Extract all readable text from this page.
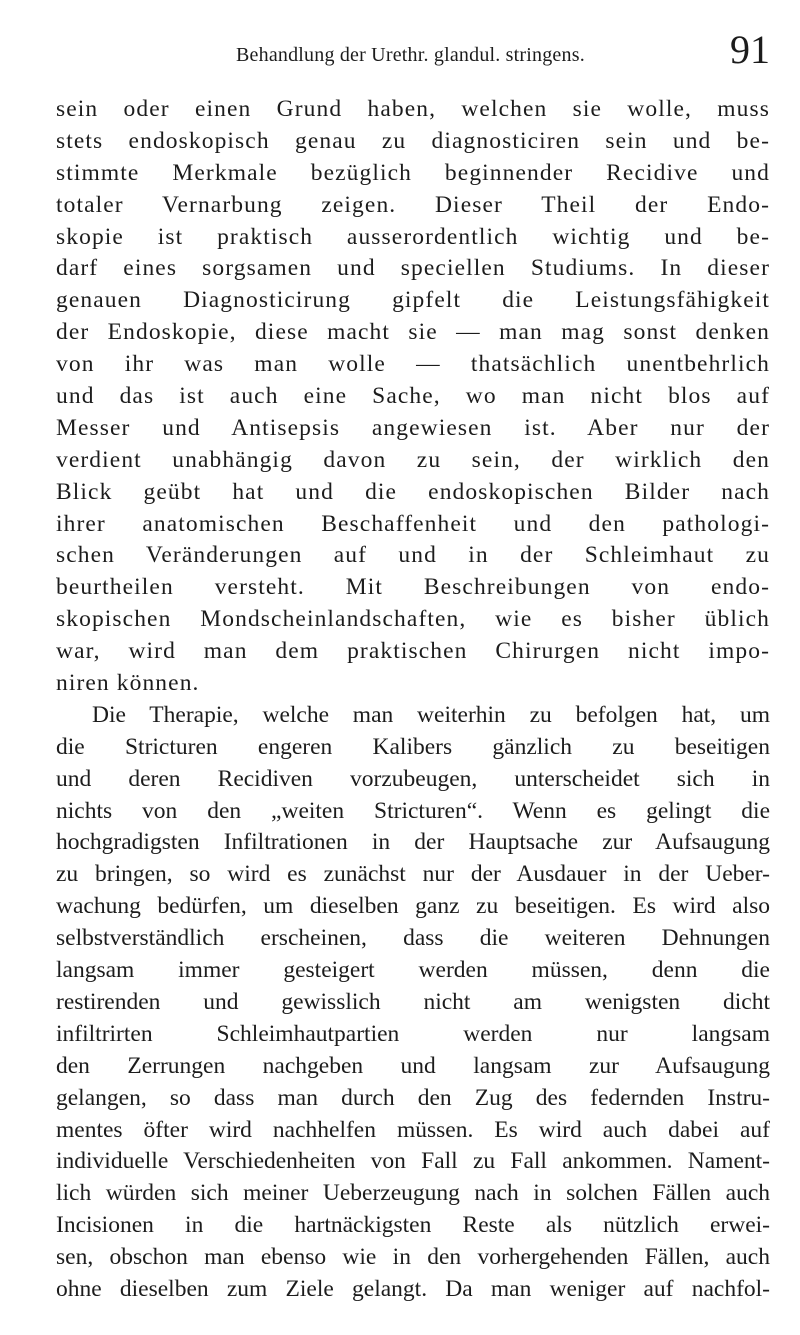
Behandlung der Urethr. glandul. stringens.	91
sein oder einen Grund haben, welchen sie wolle, muss
stets endoskopisch genau zu diagnosticiren sein und be-
stimmte Merkmale bezüglich beginnender Recidive und
totaler Vernarbung zeigen. Dieser Theil der Endo-
skopie ist praktisch ausserordentlich wichtig und be-
darf eines sorgsamen und speciellen Studiums. In dieser
genauen Diagnosticirung gipfelt die Leistungsfähigkeit
der Endoskopie, diese macht sie — man mag sonst denken
von ihr was man wolle — thatsächlich unentbehrlich
und das ist auch eine Sache, wo man nicht blos auf
Messer und Antisepsis angewiesen ist. Aber nur der
verdient unabhängig davon zu sein, der wirklich den
Blick geübt hat und die endoskopischen Bilder nach
ihrer anatomischen Beschaffenheit und den pathologi-
schen Veränderungen auf und in der Schleimhaut zu
beurtheilen versteht. Mit Beschreibungen von endo-
skopischen Mondscheinlandschaften, wie es bisher üblich
war, wird man dem praktischen Chirurgen nicht impo-
niren können.
Die Therapie, welche man weiterhin zu befolgen hat, um
die Stricturen engeren Kalibers gänzlich zu beseitigen
und deren Recidiven vorzubeugen, unterscheidet sich in
nichts von den „weiten Stricturen“. Wenn es gelingt die
hochgradigsten Infiltrationen in der Hauptsache zur Aufsaugung
zu bringen, so wird es zunächst nur der Ausdauer in der Ueber-
wachung bedürfen, um dieselben ganz zu beseitigen. Es wird also
selbstverständlich erscheinen, dass die weiteren Dehnungen
langsam immer gesteigert werden müssen, denn die
restirenden und gewisslich nicht am wenigsten dicht
infiltrirten Schleimhautpartien werden nur langsam
den Zerrungen nachgeben und langsam zur Aufsaugung
gelangen, so dass man durch den Zug des federnden Instru-
mentes öfter wird nachhelfen müssen. Es wird auch dabei auf
individuelle Verschiedenheiten von Fall zu Fall ankommen. Nament-
lich würden sich meiner Ueberzeugung nach in solchen Fällen auch
Incisionen in die hartnäckigsten Reste als nützlich erwei-
sen, obschon man ebenso wie in den vorhergehenden Fällen, auch
ohne dieselben zum Ziele gelangt. Da man weniger auf nachfol-
